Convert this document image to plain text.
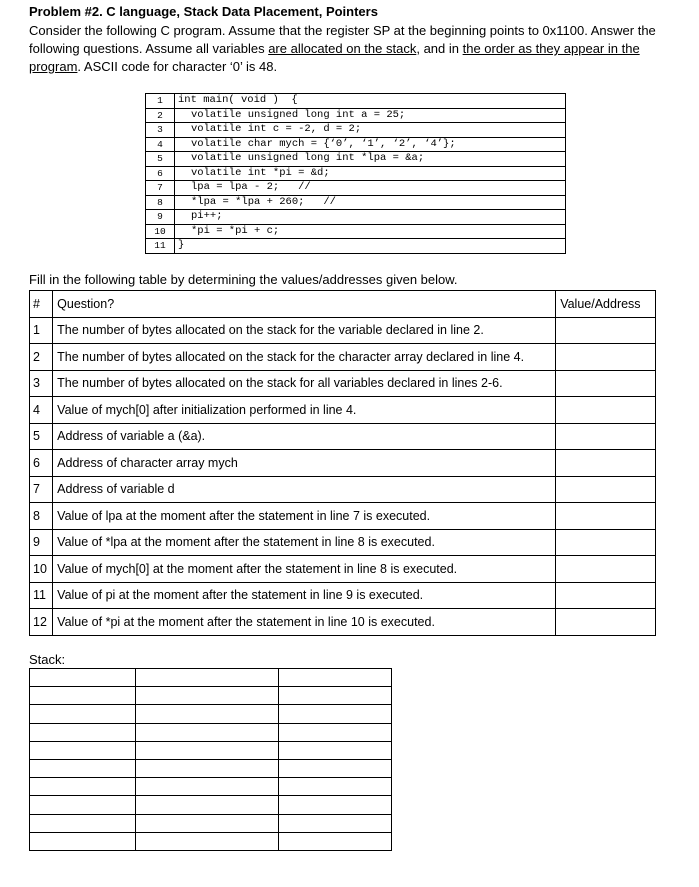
Problem #2. C language, Stack Data Placement, Pointers
Consider the following C program. Assume that the register SP at the beginning points to 0x1100. Answer the following questions. Assume all variables are allocated on the stack, and in the order as they appear in the program. ASCII code for character ‘0’ is 48.
1	int main( void )  {
2	volatile unsigned long int a = 25;
3	volatile int c = -2, d = 2;
4	volatile char mych = {‘0’, ‘1’, ‘2’, ‘4’};
5	volatile unsigned long int *lpa = &a;
6	volatile int *pi = &d;
7	lpa = lpa - 2;   //
8	*lpa = *lpa + 260;   //
9	pi++;
10	*pi = *pi + c;
11	}
Fill in the following table by determining the values/addresses given below.
#	Question?	Value/Address
1	The number of bytes allocated on the stack for the variable declared in line 2.	
2	The number of bytes allocated on the stack for the character array declared in line 4.	
3	The number of bytes allocated on the stack for all variables declared in lines 2-6.	
4	Value of mych[0] after initialization performed in line 4.	
5	Address of variable a (&a).	
6	Address of character array mych	
7	Address of variable d	
8	Value of lpa at the moment after the statement in line 7 is executed.	
9	Value of *lpa at the moment after the statement in line 8 is executed.	
10	Value of mych[0] at the moment after the statement in line 8 is executed.	
11	Value of pi at the moment after the statement in line 9 is executed.	
12	Value of *pi at the moment after the statement in line 10 is executed.	
Stack:
